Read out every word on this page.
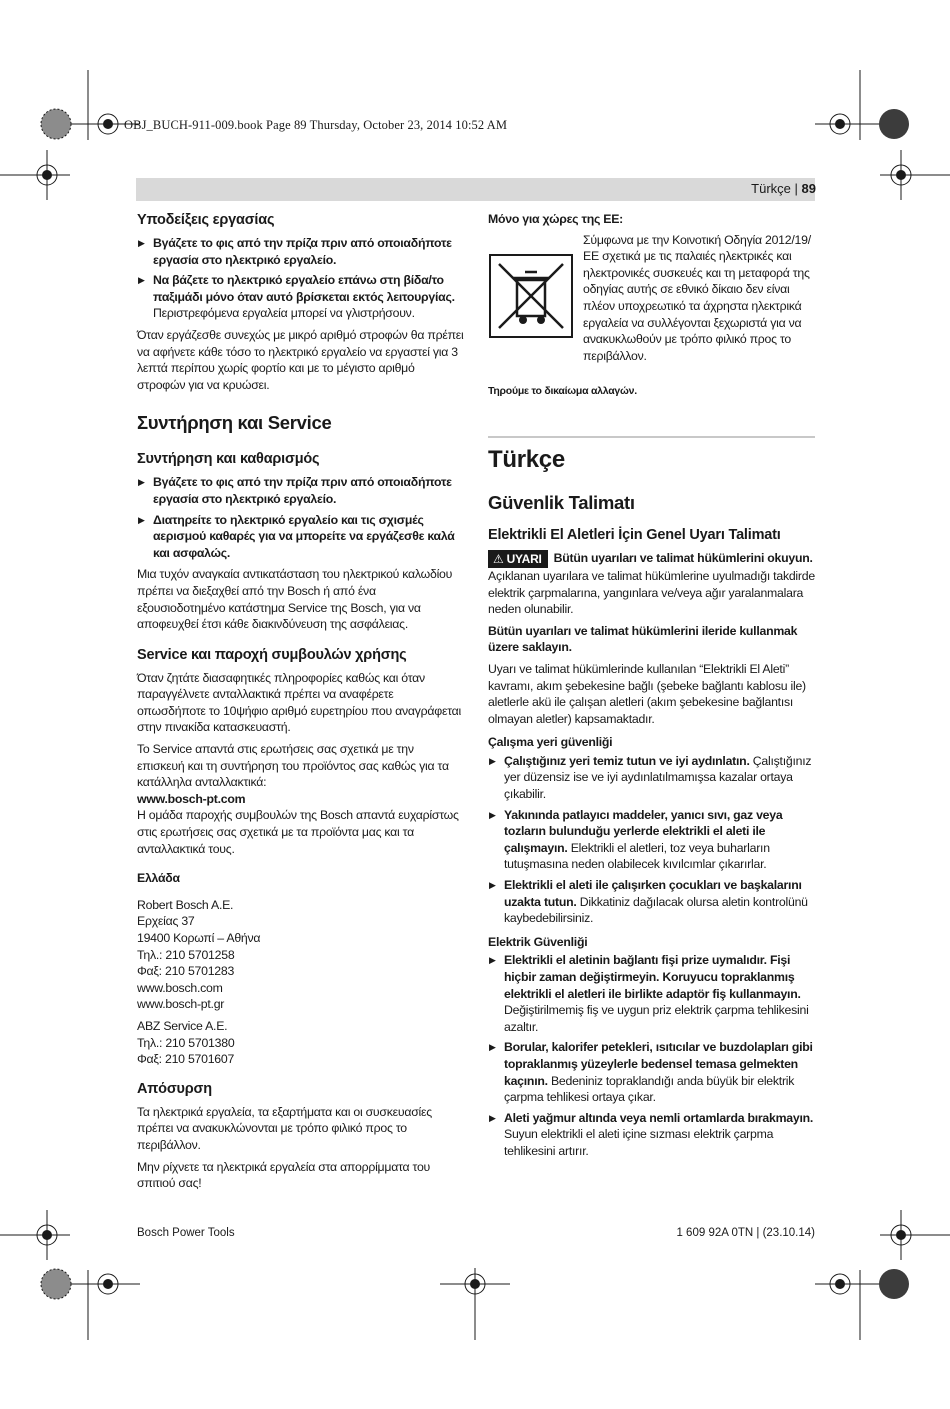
OBJ_BUCH-911-009.book Page 89 Thursday, October 23, 2014 10:52 AM
Türkçe | 89
Υποδείξεις εργασίας
▶ Βγάζετε το φις από την πρίζα πριν από οποιαδήποτε εργασία στο ηλεκτρικό εργαλείο.
▶ Να βάζετε το ηλεκτρικό εργαλείο επάνω στη βίδα/το παξιμάδι μόνο όταν αυτό βρίσκεται εκτός λειτουργίας. Περιστρεφόμενα εργαλεία μπορεί να γλιστρήσουν.

Όταν εργάζεσθε συνεχώς με μικρό αριθμό στροφών θα πρέπει να αφήνετε κάθε τόσο το ηλεκτρικό εργαλείο να εργαστεί για 3 λεπτά περίπου χωρίς φορτίο και με το μέγιστο αριθμό στροφών για να κρυώσει.

Συντήρηση και Service
Συντήρηση και καθαρισμός
▶ Βγάζετε το φις από την πρίζα πριν από οποιαδήποτε εργασία στο ηλεκτρικό εργαλείο.
▶ Διατηρείτε το ηλεκτρικό εργαλείο και τις σχισμές αερισμού καθαρές για να μπορείτε να εργάζεσθε καλά και ασφαλώς.

Μια τυχόν αναγκαία αντικατάσταση του ηλεκτρικού καλωδίου πρέπει να διεξαχθεί από την Bosch ή από ένα εξουσιοδοτημένο κατάστημα Service της Bosch, για να αποφευχθεί έτσι κάθε διακινδύνευση της ασφάλειας.

Service και παροχή συμβουλών χρήσης

Όταν ζητάτε διασαφητικές πληροφορίες καθώς και όταν παραγγέλνετε ανταλλακτικά πρέπει να αναφέρετε οπωσδήποτε το 10ψήφιο αριθμό ευρετηρίου που αναγράφεται στην πινακίδα κατασκευαστή.

Το Service απαντά στις ερωτήσεις σας σχετικά με την επισκευή και τη συντήρηση του προϊόντος σας καθώς για τα κατάλληλα ανταλλακτικά:

www.bosch-pt.com

Η ομάδα παροχής συμβουλών της Bosch απαντά ευχαρίστως στις ερωτήσεις σας σχετικά με τα προϊόντα μας και τα ανταλλακτικά τους.

Ελλάδα
Robert Bosch A.E.
Ερχείας 37
19400 Κορωπί – Αθήνα
Τηλ.: 210 5701258
Φαξ: 210 5701283
www.bosch.com
www.bosch-pt.gr
ABZ Service A.E.
Τηλ.: 210 5701380
Φαξ: 210 5701607
Απόσυρση

Τα ηλεκτρικά εργαλεία, τα εξαρτήματα και οι συσκευασίες πρέπει να ανακυκλώνονται με τρόπο φιλικό προς το περιβάλλον.

Μην ρίχνετε τα ηλεκτρικά εργαλεία στα απορρίμματα του σπιτιού σας!

Μόνο για χώρες της ΕΕ:

Σύμφωνα με την Κοινοτική Οδηγία 2012/19/ΕΕ σχετικά με τις παλαιές ηλεκτρικές και ηλεκτρονικές συσκευές και τη μεταφορά της οδηγίας αυτής σε εθνικό δίκαιο δεν είναι πλέον υποχρεωτικό τα άχρηστα ηλεκτρικά εργαλεία να συλλέγονται ξεχωριστά για να ανακυκλωθούν με τρόπο φιλικό προς το περιβάλλον.

Τηρούμε το δικαίωμα αλλαγών.
Türkçe
Güvenlik Talimatı
Elektrikli El Aletleri İçin Genel Uyarı Talimatı

⚠ UYARI Bütün uyarıları ve talimat hükümlerini okuyun. Açıklanan uyarılara ve talimat hükümlerine uyulmadığı takdirde elektrik çarpmalarına, yangınlara ve/veya ağır yaralanmalara neden olunabilir.

Bütün uyarıları ve talimat hükümlerini ileride kullanmak üzere saklayın.

Uyarı ve talimat hükümlerinde kullanılan “Elektrikli El Aleti” kavramı, akım şebekesine bağlı (şebeke bağlantı kablosu ile) aletlerle akü ile çalışan aletleri (akım şebekesine bağlantısı olmayan aletler) kapsamaktadır.

Çalışma yeri güvenliği
▶ Çalıştığınız yeri temiz tutun ve iyi aydınlatın. Çalıştığınız yer düzensiz ise ve iyi aydınlatılmamışsa kazalar ortaya çıkabilir.
▶ Yakınında patlayıcı maddeler, yanıcı sıvı, gaz veya tozların bulunduğu yerlerde elektrikli el aleti ile çalışmayın. Elektrikli el aletleri, toz veya buharların tutuşmasına neden olabilecek kıvılcımlar çıkarırlar.
▶ Elektrikli el aleti ile çalışırken çocukları ve başkalarını uzakta tutun. Dikkatiniz dağılacak olursa aletin kontrolünü kaybedebilirsiniz.
Elektrik Güvenliği
▶ Elektrikli el aletinin bağlantı fişi prize uymalıdır. Fişi hiçbir zaman değiştirmeyin. Koruyucu topraklanmış elektrikli el aletleri ile birlikte adaptör fiş kullanmayın. Değiştirilmemiş fiş ve uygun priz elektrik çarpma tehlikesini azaltır.
▶ Borular, kalorifer petekleri, ısıtıcılar ve buzdolapları gibi topraklanmış yüzeylerle bedensel temasa gelmekten kaçının. Bedeniniz topraklandığı anda büyük bir elektrik çarpma tehlikesi ortaya çıkar.
▶ Aleti yağmur altında veya nemli ortamlarda bırakmayın. Suyun elektrikli el aleti içine sızması elektrik çarpma tehlikesini artırır.
Bosch Power Tools	1 609 92A 0TN | (23.10.14)
